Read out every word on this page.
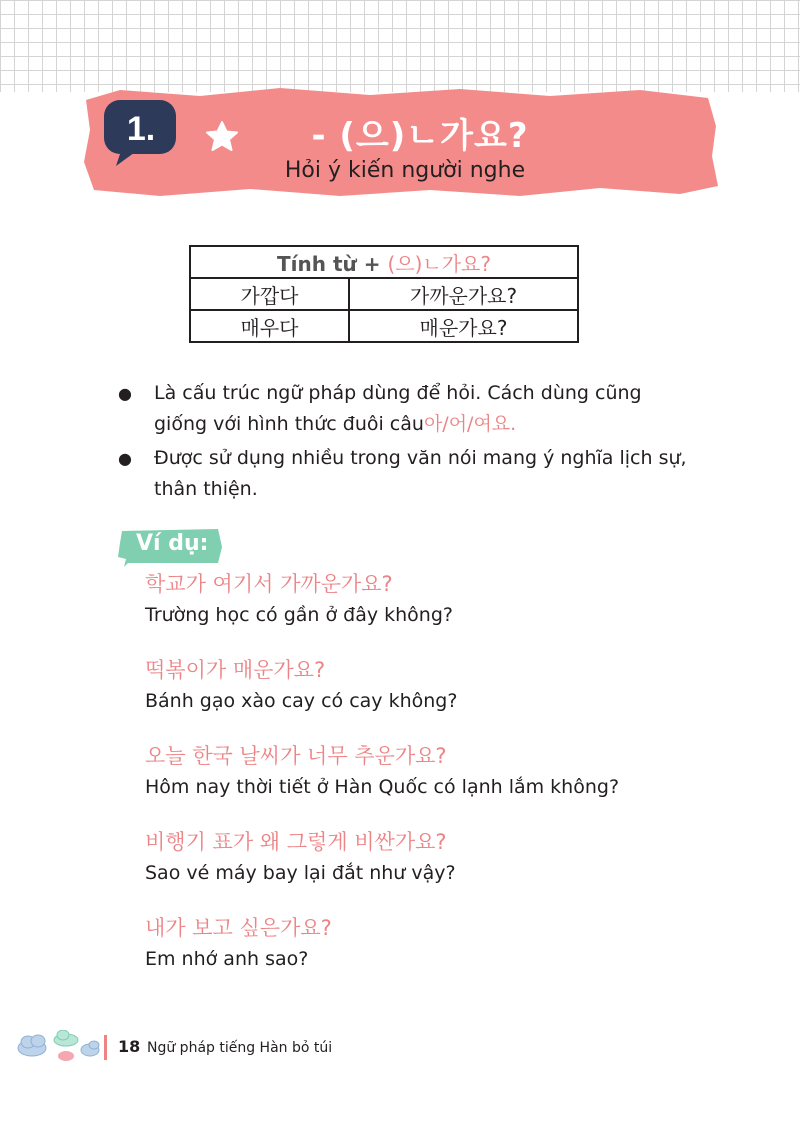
1.	- (으)ㄴ가요?
Hỏi ý kiến người nghe
Tính từ + (으)ㄴ가요?	
가깝다	가까운가요?
매우다	매운가요?
●	Là cấu trúc ngữ pháp dùng để hỏi. Cách dùng cũng giống với hình thức đuôi câu아/어/여요.
●	Được sử dụng nhiều trong văn nói mang ý nghĩa lịch sự, thân thiện.
Ví dụ:
학교가 여기서 가까운가요?
Trường học có gần ở đây không?
떡볶이가 매운가요?
Bánh gạo xào cay có cay không?
오늘 한국 날씨가 너무 추운가요?
Hôm nay thời tiết ở Hàn Quốc có lạnh lắm không?
비행기 표가 왜 그렇게 비싼가요?
Sao vé máy bay lại đắt như vậy?
내가 보고 싶은가요?
Em nhớ anh sao?
18 Ngữ pháp tiếng Hàn bỏ túi
